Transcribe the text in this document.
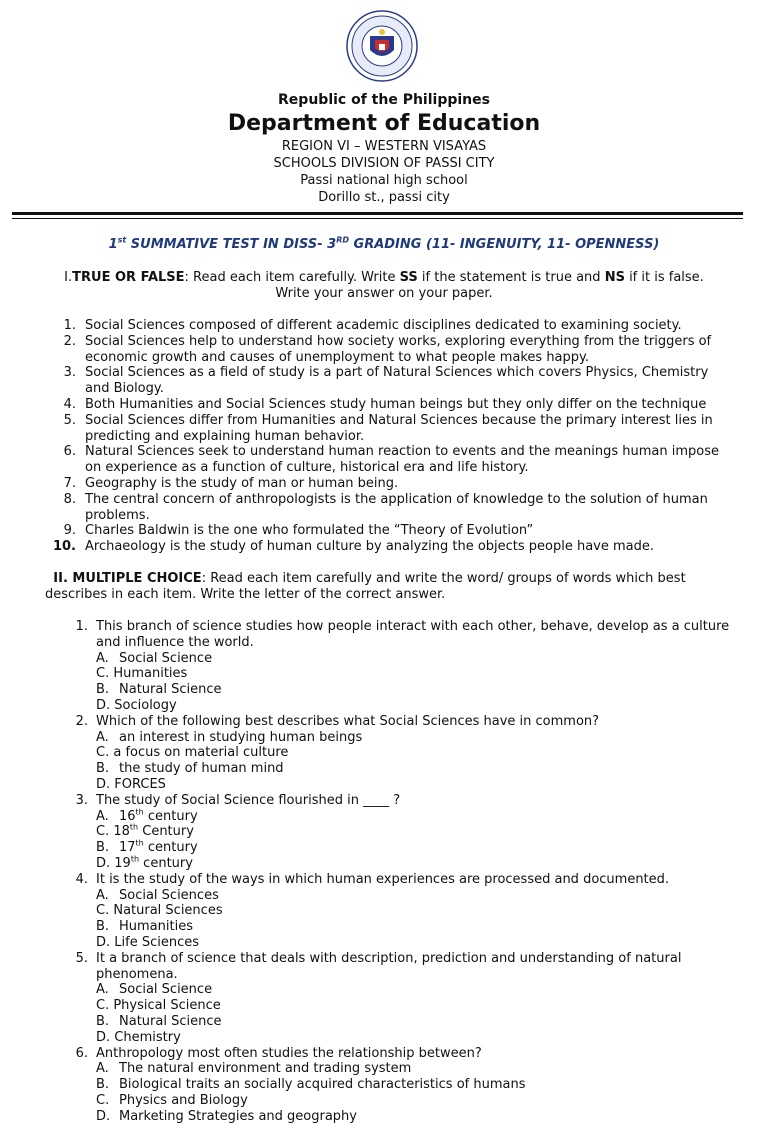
Republic of the Philippines
Department of Education
REGION VI – WESTERN VISAYAS
SCHOOLS DIVISION OF PASSI CITY
Passi national high school
Dorillo st., passi city
1st SUMMATIVE TEST IN DISS- 3RD GRADING (11- INGENUITY, 11- OPENNESS)
I.TRUE OR FALSE: Read each item carefully. Write SS if the statement is true and NS if it is false.
Write your answer on your paper.
1. Social Sciences composed of different academic disciplines dedicated to examining society.
2. Social Sciences help to understand how society works, exploring everything from the triggers of economic growth and causes of unemployment to what people makes happy.
3. Social Sciences as a field of study is a part of Natural Sciences which covers Physics, Chemistry and Biology.
4. Both Humanities and Social Sciences study human beings but they only differ on the technique
5. Social Sciences differ from Humanities and Natural Sciences because the primary interest lies in predicting and explaining human behavior.
6. Natural Sciences seek to understand human reaction to events and the meanings human impose on experience as a function of culture, historical era and life history.
7. Geography is the study of man or human being.
8. The central concern of anthropologists is the application of knowledge to the solution of human problems.
9. Charles Baldwin is the one who formulated the “Theory of Evolution”
10. Archaeology is the study of human culture by analyzing the objects people have made.
II. MULTIPLE CHOICE: Read each item carefully and write the word/ groups of words which best describes in each item. Write the letter of the correct answer.
1. This branch of science studies how people interact with each other, behave, develop as a culture and influence the world.
A. Social Science
C. Humanities
B. Natural Science
D. Sociology
2. Which of the following best describes what Social Sciences have in common?
A. an interest in studying human beings
C. a focus on material culture
B. the study of human mind
D. FORCES
3. The study of Social Science flourished in ____ ?
A. 16th century
C. 18th Century
B. 17th century
D. 19th century
4. It is the study of the ways in which human experiences are processed and documented.
A. Social Sciences
C. Natural Sciences
B. Humanities
D. Life Sciences
5. It a branch of science that deals with description, prediction and understanding of natural phenomena.
A. Social Science
C. Physical Science
B. Natural Science
D. Chemistry
6. Anthropology most often studies the relationship between?
A. The natural environment and trading system
B. Biological traits an socially acquired characteristics of humans
C. Physics and Biology
D. Marketing Strategies and geography
